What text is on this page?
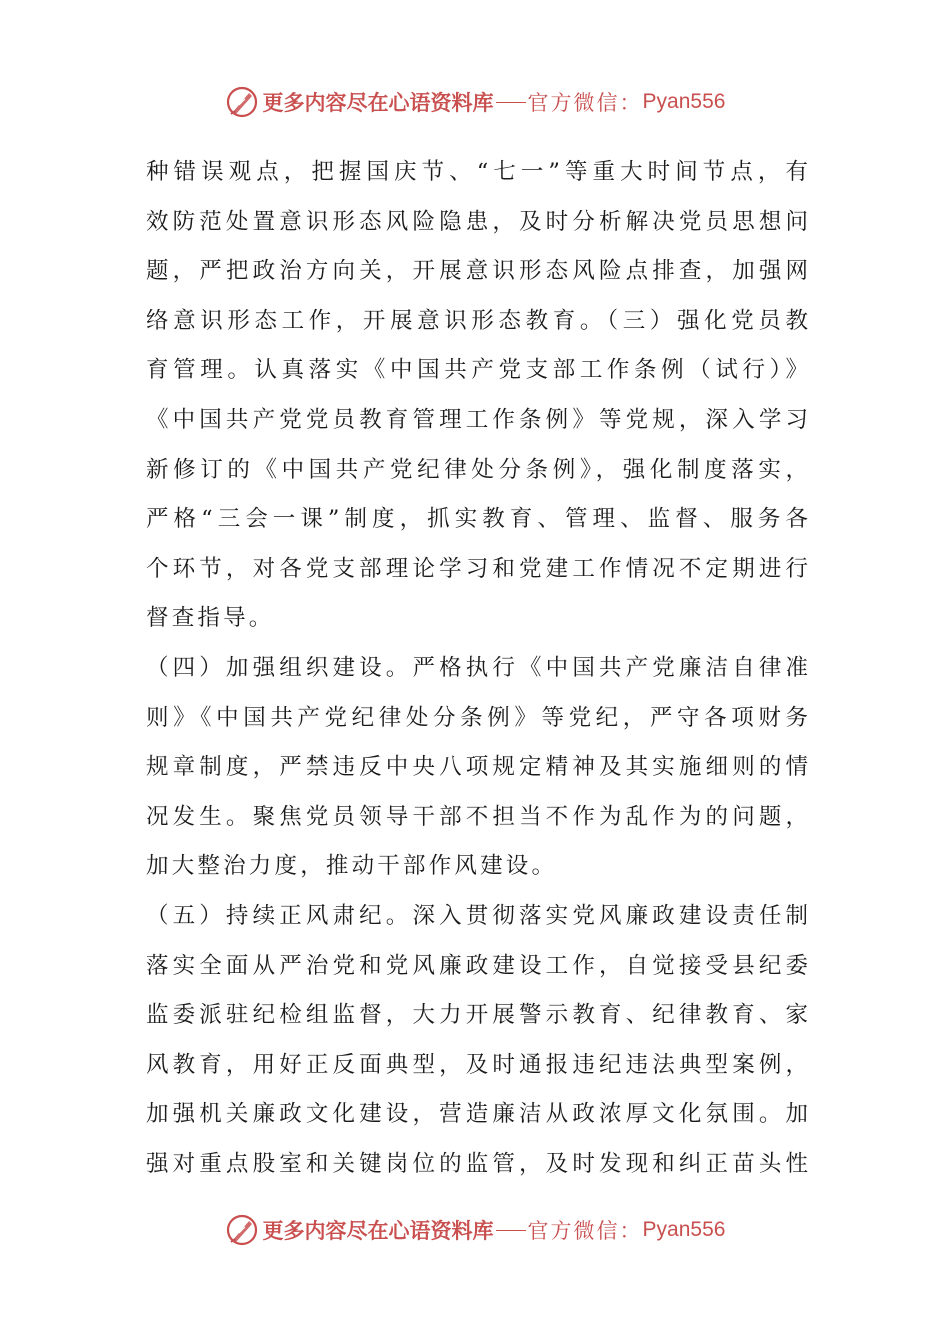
更多内容尽在心语资料库 官方微信： Pyan556
种错误观点，把握国庆节、“七一”等重大时间节点，有
效防范处置意识形态风险隐患，及时分析解决党员思想问
题，严把政治方向关，开展意识形态风险点排查，加强网
络意识形态工作，开展意识形态教育。（三）强化党员教
育管理。认真落实《中国共产党支部工作条例（试行）》
《中国共产党党员教育管理工作条例》等党规，深入学习
新修订的《中国共产党纪律处分条例》，强化制度落实，
严格“三会一课”制度，抓实教育、管理、监督、服务各
个环节，对各党支部理论学习和党建工作情况不定期进行
督查指导。
（四）加强组织建设。严格执行《中国共产党廉洁自律准
则》《中国共产党纪律处分条例》等党纪，严守各项财务
规章制度，严禁违反中央八项规定精神及其实施细则的情
况发生。聚焦党员领导干部不担当不作为乱作为的问题，
加大整治力度，推动干部作风建设。
（五）持续正风肃纪。深入贯彻落实党风廉政建设责任制
落实全面从严治党和党风廉政建设工作，自觉接受县纪委
监委派驻纪检组监督，大力开展警示教育、纪律教育、家
风教育，用好正反面典型，及时通报违纪违法典型案例，
加强机关廉政文化建设，营造廉洁从政浓厚文化氛围。加
强对重点股室和关键岗位的监管，及时发现和纠正苗头性
更多内容尽在心语资料库 官方微信： Pyan556
